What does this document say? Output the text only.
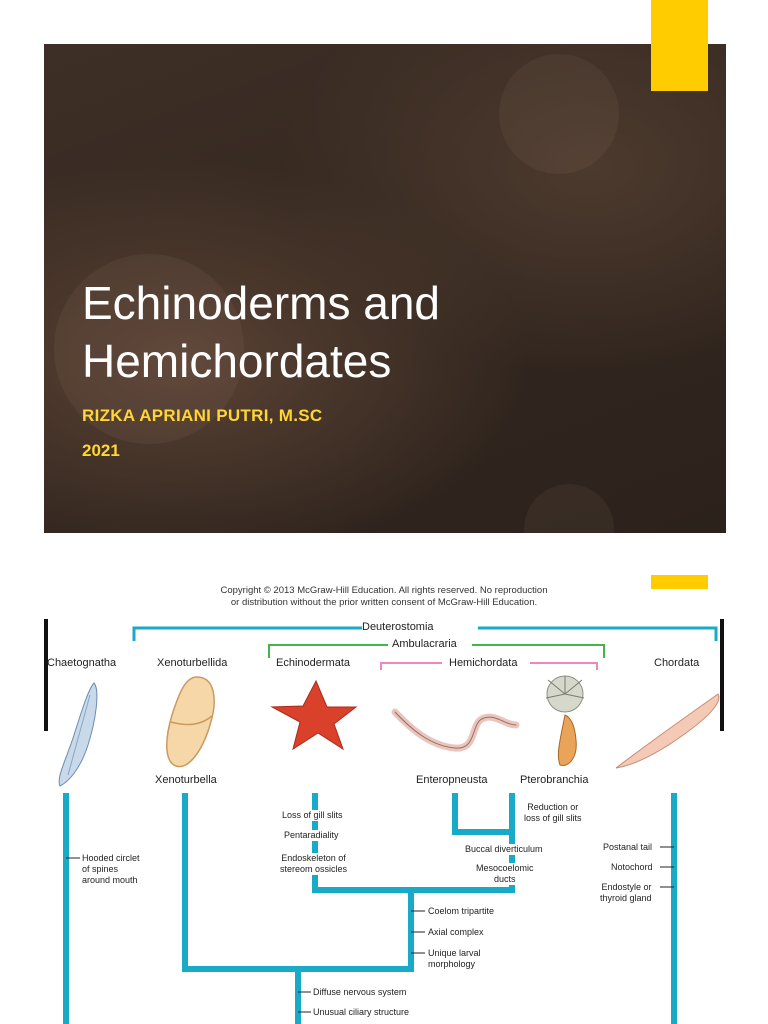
Echinoderms and
Hemichordates
RIZKA APRIANI PUTRI, M.SC
2021
Copyright © 2013 McGraw-Hill Education. All rights reserved. No reproduction
or distribution without the prior written consent of McGraw-Hill Education.
Deuterostomia
Ambulacraria
Hemichordata
Chaetognatha	Xenoturbellida	Echinodermata	Chordata
Xenoturbella	Enteropneusta	Pterobranchia
Hooded circlet
of spines
around mouth
Loss of gill slits
Pentaradiality
Endoskeleton of
stereom ossicles
Reduction or
loss of gill slits
Buccal diverticulum
Mesocoelomic
ducts
Postanal tail
Notochord
Endostyle or
thyroid gland
Coelom tripartite
Axial complex
Unique larval
morphology
Diffuse nervous system
Unusual ciliary structure
